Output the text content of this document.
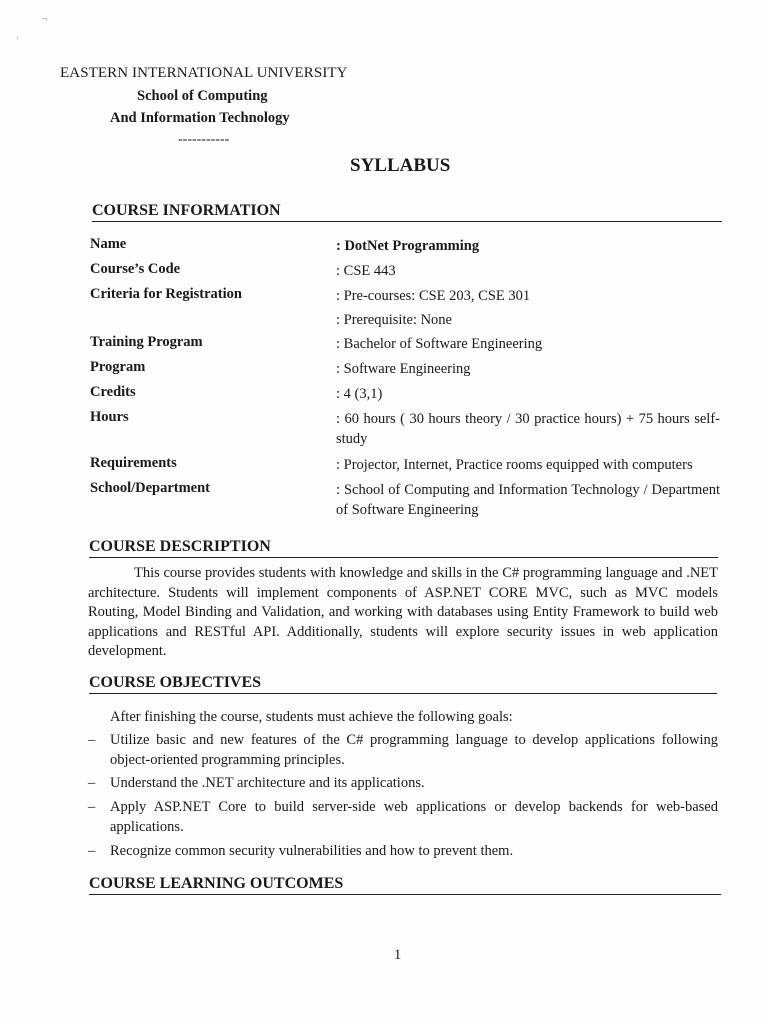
¬
·
EASTERN INTERNATIONAL UNIVERSITY
School of Computing
And Information Technology
-----------
SYLLABUS
COURSE INFORMATION
Name	: DotNet Programming
Course’s Code	: CSE 443
Criteria for Registration	: Pre-courses: CSE 203, CSE 301
: Prerequisite: None
Training Program	: Bachelor of Software Engineering
Program	: Software Engineering
Credits	: 4 (3,1)
Hours	: 60 hours ( 30 hours theory / 30 practice hours) + 75 hours self-study
Requirements	: Projector, Internet, Practice rooms equipped with computers
School/Department	: School of Computing and Information Technology / Department of Software Engineering
COURSE DESCRIPTION
This course provides students with knowledge and skills in the C# programming language and .NET architecture. Students will implement components of ASP.NET CORE MVC, such as MVC models Routing, Model Binding and Validation, and working with databases using Entity Framework to build web applications and RESTful API. Additionally, students will explore security issues in web application development.
COURSE OBJECTIVES
After finishing the course, students must achieve the following goals:
– Utilize basic and new features of the C# programming language to develop applications following object-oriented programming principles.
– Understand the .NET architecture and its applications.
– Apply ASP.NET Core to build server-side web applications or develop backends for web-based applications.
– Recognize common security vulnerabilities and how to prevent them.
COURSE LEARNING OUTCOMES
1
